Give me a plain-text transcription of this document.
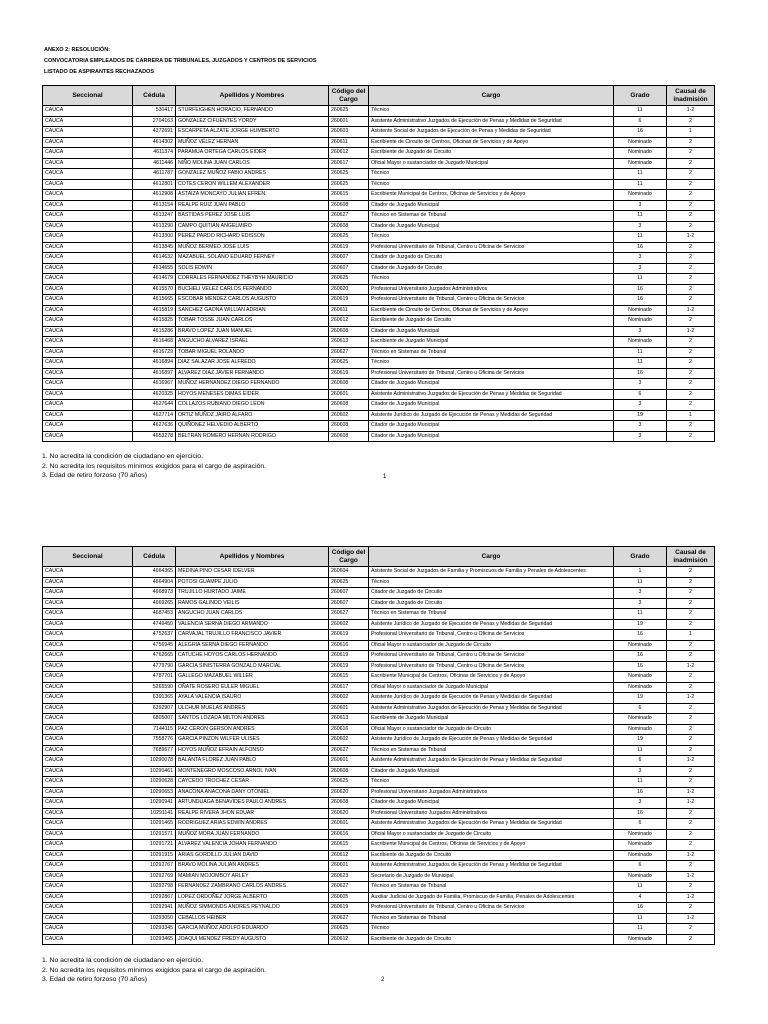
ANEXO 2: RESOLUCIÓN:
CONVOCATORIA EMPLEADOS DE CARRERA DE TRIBUNALES, JUZGADOS Y CENTROS DE SERVICIOS
LISTADO DE ASPIRANTES RECHAZADOS
Seccional	Cédula	Apellidos y Nombres	Código del Cargo	Cargo	Grado	Causal de inadmisión
CAUCA	530417	STURFEIGHEN HORACIO, FERNANDO	260625	Técnico	11	1-2
CAUCA	2704163	GONZALEZ CIFUENTES YORDY	260601	Asistente Administrativo Juzgados de Ejecución de Penas y Medidas de Seguridad	6	2
CAUCA	4372691	ESCARPETA ALZATE JORGE HUMBERTO	260603	Asistente Social de Juzgados de Ejecución de Penas y Medidas de Seguridad	16	1
CAUCA	4614302	MUÑOZ VÉLEZ HERNAN	260611	Escribiente de Circuito de Centros, Oficinas de Servicios y de Apoyo	Nominado	2
CAUCA	4611374	PARAMUA ORTEGA CARLOS EIDER	260612	Escribiente de Juzgado de Circuito	Nominado	2
CAUCA	4611446	NIÑO MOLINA JUAN CARLOS	260617	Oficial Mayor o sustanciador de Juzgado Municipal	Nominado	2
CAUCA	4611787	GONZALEZ MUÑOZ FABIO ANDRES	260625	Técnico	11	2
CAUCA	4612801	COTES CERON WILLEM ALEXANDER	260625	Técnico	11	2
CAUCA	4612908	ASTAIZA MONCAYO JULIAN EFREN	260615	Escribiente Municipal de Centros, Oficinas de Servicios y de Apoyo	Nominado	2
CAUCA	4613154	REALPE RUIZ JUAN PABLO	260608	Citador de Juzgado Municipal	3	2
CAUCA	4613247	BASTIDAS PEREZ JOSE LUIS	260627	Técnico en Sistemas de Tribunal	11	2
CAUCA	4613290	CAMPO QUITIAN ANGELMIRO	260608	Citador de Juzgado Municipal	3	2
CAUCA	4613300	PEREZ PARDO RICHARD EDISSON	260625	Técnico	11	1-2
CAUCA	4613845	MUÑOZ BERMEO JOSE LUIS	260619	Profesional Universitario de Tribunal, Centro u Oficina de Servicios	16	2
CAUCA	4614632	MAZABUEL SOLANO EDUARD FERNEY	260607	Citador de Juzgado de Circuito	3	2
CAUCA	4614655	SOLIS EDWIN	260607	Citador de Juzgado de Circuito	3	2
CAUCA	4614679	CORRALES FERNANDEZ THEYBYH MAURICIO	260625	Técnico	11	2
CAUCA	4615570	BUCHELI VELEZ CARLOS FERNANDO	260620	Profesional Universitario Juzgados Administrativos	16	2
CAUCA	4615665	ESCOBAR MENDEZ CARLOS AUGUSTO	260619	Profesional Universitario de Tribunal, Centro u Oficina de Servicios	16	2
CAUCA	4615819	SANCHEZ GAONA WILLIAN ADRIAN	260611	Escribiente de Circuito de Centros, Oficinas de Servicios y de Apoyo	Nominado	1-2
CAUCA	4615825	TOBAR TOSSE JUAN CARLOS	260612	Escribiente de Juzgado de Circuito	Nominado	2
CAUCA	4615286	BRAVO LOPEZ JUAN MANUEL	260608	Citador de Juzgado Municipal	3	1-2
CAUCA	4616468	ANGUCHO ALVAREZ ISRAEL	260613	Escribiente de Juzgado Municipal	Nominado	2
CAUCA	4616729	TOBAR MIGUEL ROLANDO	260627	Técnico en Sistemas de Tribunal	11	2
CAUCA	4616894	DIAZ SALAZAR JOSE ALFREDO	260625	Técnico	11	2
CAUCA	4616897	ALVAREZ DIAZ JAVIER FERNANDO	260619	Profesional Universitario de Tribunal, Centro u Oficina de Servicios	16	2
CAUCA	4616967	MUÑOZ HERNANDEZ DIEGO FERNANDO	260608	Citador de Juzgado Municipal	3	2
CAUCA	4620325	HOYOS MENESES DIMAS EIDER	260601	Asistente Administrativo Juzgados de Ejecución de Penas y Medidas de Seguridad	6	2
CAUCA	4627644	COLLAZOS RUBIANO DIEGO LEON	260608	Citador de Juzgado Municipal	3	2
CAUCA	4627714	ORTIZ MUÑOZ JAIRO ALFARO	260602	Asistente Jurídico de Juzgado de Ejecución de Penas y Medidas de Seguridad	19	1
CAUCA	4627636	QUIÑONEZ HELVEDIO ALBERTO	260608	Citador de Juzgado Municipal	3	2
CAUCA	4653278	BELTRAN ROMERO HERNAN RODRIGO	260608	Citador de Juzgado Municipal	3	2
1. No acredita la condición de ciudadano en ejercicio.
2. No acredita los requisitos mínimos exigidos para el cargo de aspiración.
3. Edad de retiro forzoso (70 años)	1
Seccional	Cédula	Apellidos y Nombres	Código del Cargo	Cargo	Grado	Causal de inadmisión
CAUCA	4664365	MEDINA PINO CESAR IDELVER	260604	Asistente Social de Juzgados de Familia y Promiscuos de Familia y Penales de Adolescentes	1	2
CAUCA	4664904	POTOSI GUAMPE JULIO	260625	Técnico	11	2
CAUCA	4668973	TRUJILLO HURTADO JAIME	260607	Citador de Juzgado de Circuito	3	2
CAUCA	4669265	RAMOS GALINDO VEILIS	260607	Citador de Juzgado de Circuito	3	2
CAUCA	4687453	ANGUCHO JUAN CARLOS	260627	Técnico en Sistemas de Tribunal	11	2
CAUCA	4749450	VALENCIA SERNA DIEGO ARMANDO	260602	Asistente Jurídico de Juzgado de Ejecución de Penas y Medidas de Seguridad	19	2
CAUCA	4752637	CARVAJAL TRUJILLO FRANCISCO JAVIER	260619	Profesional Universitario de Tribunal, Centro u Oficina de Servicios	16	1
CAUCA	4756945	ALEGRIA SERNA DIEGO FERNANDO	260616	Oficial Mayor o sustanciador de Juzgado de Circuito	Nominado	2
CAUCA	4762665	CATUCHE HOYOS CARLOS HERNANDO	260619	Profesional Universitario de Tribunal, Centro u Oficina de Servicios	16	2
CAUCA	4779790	GARCIA SINISTERRA GONZALO MARCIAL	260619	Profesional Universitario de Tribunal, Centro u Oficina de Servicios	16	1-2
CAUCA	4787701	GALLEGO MAZABUEL WILLER	260615	Escribiente Municipal de Centros, Oficinas de Servicios y de Apoyo	Nominado	2
CAUCA	5265590	OÑATE ROSERO EULER MIGUEL	260617	Oficial Mayor o sustanciador de Juzgado Municipal	Nominado	2
CAUCA	6391365	AYALA VALENCIA ISAURO	260602	Asistente Jurídico de Juzgado de Ejecución de Penas y Medidas de Seguridad	19	1-2
CAUCA	6392907	ULCHUR MUELAS ANDRES	260601	Asistente Administrativo Juzgados de Ejecución de Penas y Medidas de Seguridad	6	2
CAUCA	6805007	SANTOS LOZADA MILTON ANDRES	260613	Escribiente de Juzgado Municipal	Nominado	2
CAUCA	7144115	PAZ CERON GERSON ANDRES	260616	Oficial Mayor o sustanciador de Juzgado de Circuito	Nominado	2
CAUCA	7558776	GARCIA PINZON WILFER ULISES	260602	Asistente Jurídico de Juzgado de Ejecución de Penas y Medidas de Seguridad	19	2
CAUCA	7689677	HOYOS MUÑOZ EFRAIN ALFONSO	260627	Técnico en Sistemas de Tribunal	11	2
CAUCA	10290078	BALANTA FLOREZ JUAN PABLO	260601	Asistente Administrativo Juzgados de Ejecución de Penas y Medidas de Seguridad	6	1-2
CAUCA	10290461	MONTENEGRO MOSCOSO ARNOL IVAN	260608	Citador de Juzgado Municipal	3	2
CAUCA	10290628	CAYCEDO TROCHEZ CESAR	260625	Técnico	11	2
CAUCA	10290653	ANACONA ANACONA DANY OTONIEL	260620	Profesional Universitario Juzgados Administrativos	16	1-2
CAUCA	10290941	ARTUNDUAGA BENAVIDES PAULO ANDRES	260608	Citador de Juzgado Municipal	3	1-2
CAUCA	10291141	REALPE RIVERA JHON EDUAR	260620	Profesional Universitario Juzgados Administrativos	16	2
CAUCA	10291465	RODRIGUEZ ARIAS EDWIN ANDRES	260601	Asistente Administrativo Juzgados de Ejecución de Penas y Medidas de Seguridad	6	2
CAUCA	10291571	MUÑOZ MORA JUAN FERNANDO	260616	Oficial Mayor o sustanciador de Juzgado de Circuito	Nominado	2
CAUCA	10291721	ALVAREZ VALENCIA JOHAN FERNANDO	260615	Escribiente Municipal de Centros, Oficinas de Servicios y de Apoyo	Nominado	2
CAUCA	10291915	ARIAS GORDILLO JULIAN DAVID	260612	Escribiente de Juzgado de Circuito	Nominado	1-2
CAUCA	10292767	BRAVO MOLINA JULIAN ANDRES	260601	Asistente Administrativo Juzgados de Ejecución de Penas y Medidas de Seguridad	6	2
CAUCA	10292769	MAMIAN MOJOMBOY ARLEY	260623	Secretario de Juzgado de Municipal	Nominado	1-2
CAUCA	10292798	FERNANDEZ ZAMBRANO CARLOS ANDRES	260627	Técnico en Sistemas de Tribunal	11	2
CAUCA	10292867	LOPEZ ORDOÑEZ JORGE ALBERTO	260605	Auxiliar Judicial de Juzgado de Familia, Promiscuo de Familia, Penales de Adolescentes	4	1-2
CAUCA	10292941	MUÑOZ SIMMONDS ANDRES REYNALDO	260619	Profesional Universitario de Tribunal, Centro u Oficina de Servicios	16	2
CAUCA	10293050	CEBALLOS HEIBER	260627	Técnico en Sistemas de Tribunal	11	1-2
CAUCA	10293345	GARCIA MUÑOZ ADOLFO EDUARDO	260625	Técnico	11	2
CAUCA	10293465	JOAQUI MENDEZ FREDY AUGUSTO	260612	Escribiente de Juzgado de Circuito	Nominado	2
1. No acredita la condición de ciudadano en ejercicio.
2. No acredita los requisitos mínimos exigidos para el cargo de aspiración.
3. Edad de retiro forzoso (70 años)	2
